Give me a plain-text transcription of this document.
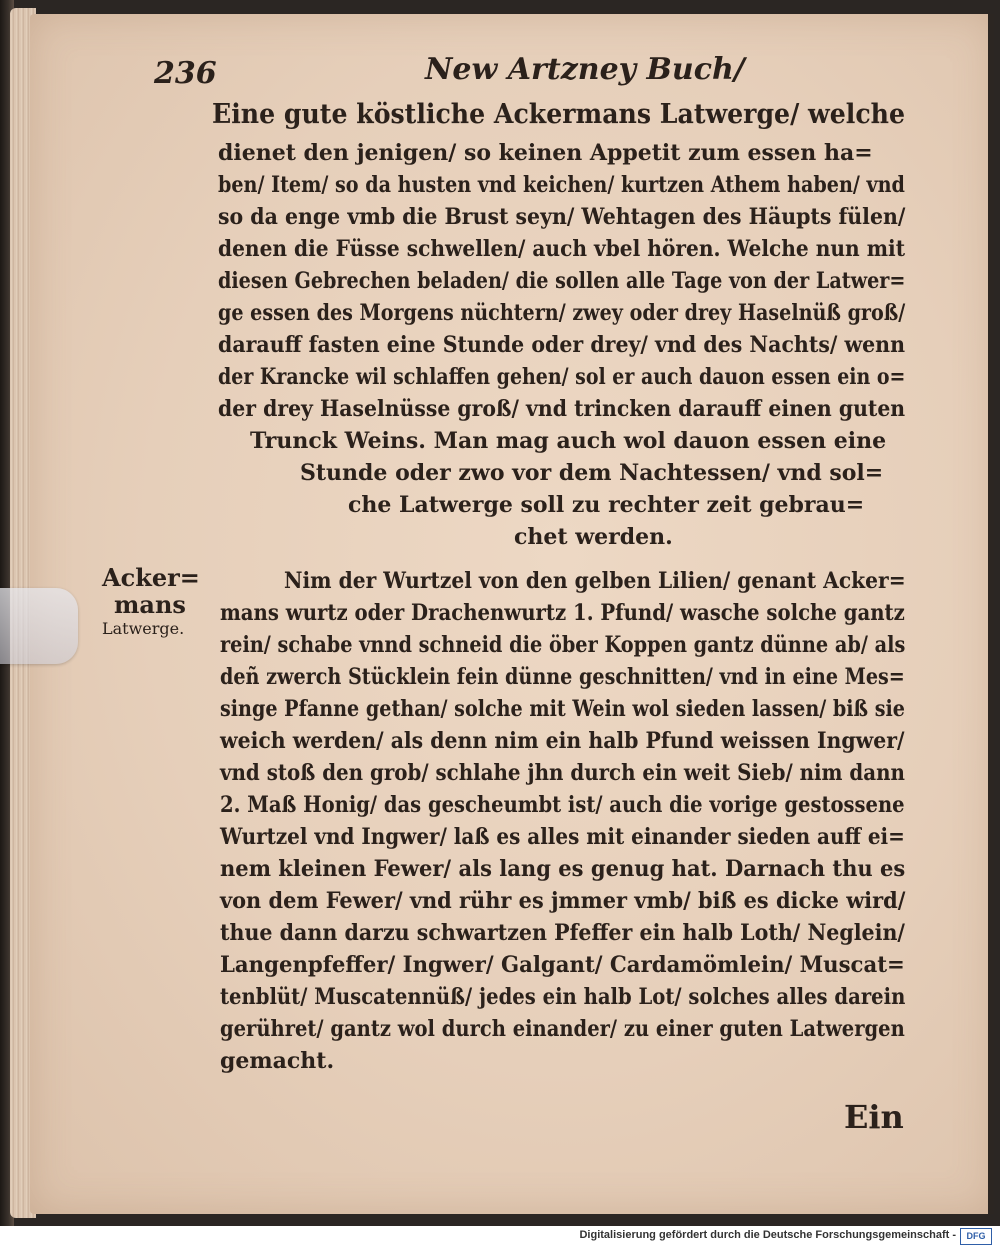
236	New Artzney Buch/
Eine gute köstliche Ackermans Latwerge/ welche
dienet den jenigen/ so keinen Appetit zum essen ha=
ben/ Item/ so da husten vnd keichen/ kurtzen Athem haben/ vnd
so da enge vmb die Brust seyn/ Wehtagen des Häupts fülen/
denen die Füsse schwellen/ auch vbel hören. Welche nun mit
diesen Gebrechen beladen/ die sollen alle Tage von der Latwer=
ge essen des Morgens nüchtern/ zwey oder drey Haselnüß groß/
darauff fasten eine Stunde oder drey/ vnd des Nachts/ wenn
der Krancke wil schlaffen gehen/ sol er auch dauon essen ein o=
der drey Haselnüsse groß/ vnd trincken darauff einen guten
Trunck Weins. Man mag auch wol dauon essen eine
Stunde oder zwo vor dem Nachtessen/ vnd sol=
che Latwerge soll zu rechter zeit gebrau=
chet werden.
Acker=
mans
Latwerge.
Nim der Wurtzel von den gelben Lilien/ genant Acker=
mans wurtz oder Drachenwurtz 1. Pfund/ wasche solche gantz
rein/ schabe vnnd schneid die öber Koppen gantz dünne ab/ als
deñ zwerch Stücklein fein dünne geschnitten/ vnd in eine Mes=
singe Pfanne gethan/ solche mit Wein wol sieden lassen/ biß sie
weich werden/ als denn nim ein halb Pfund weissen Ingwer/
vnd stoß den grob/ schlahe jhn durch ein weit Sieb/ nim dann
2. Maß Honig/ das gescheumbt ist/ auch die vorige gestossene
Wurtzel vnd Ingwer/ laß es alles mit einander sieden auff ei=
nem kleinen Fewer/ als lang es genug hat. Darnach thu es
von dem Fewer/ vnd rühr es jmmer vmb/ biß es dicke wird/
thue dann darzu schwartzen Pfeffer ein halb Loth/ Neglein/
Langenpfeffer/ Ingwer/ Galgant/ Cardamömlein/ Muscat=
tenblüt/ Muscatennüß/ jedes ein halb Lot/ solches alles darein
gerühret/ gantz wol durch einander/ zu einer guten Latwergen
gemacht.
Ein
Digitalisierung gefördert durch die Deutsche Forschungsgemeinschaft -	DFG
